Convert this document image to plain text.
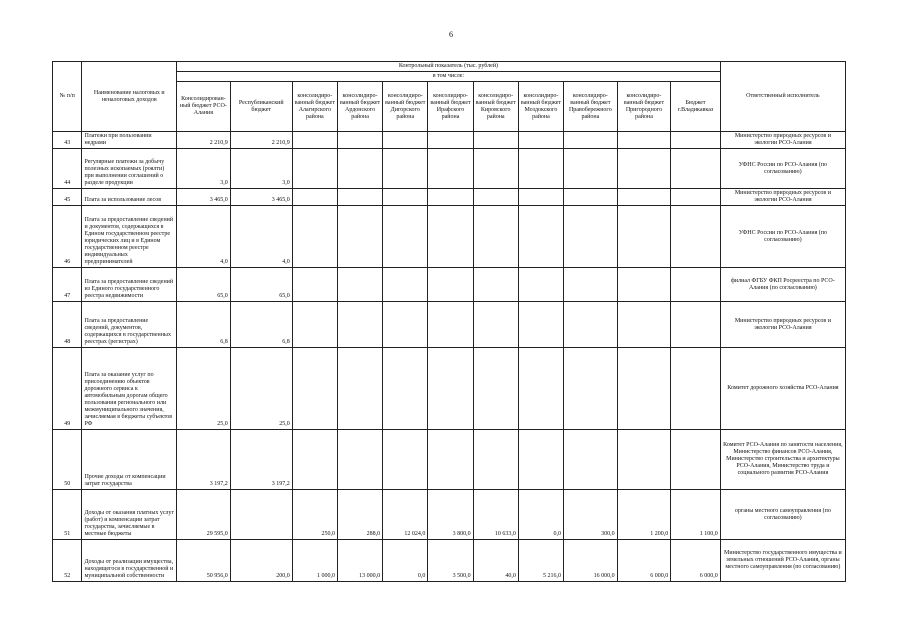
6
№ п/п	Наименование налоговых и неналоговых доходов	Контрольный показатель (тыс. рублей)											Ответственный исполнитель
		в том числе:											
		Консолидирован-ный бюджет РСО-Алания	Республиканский бюджет	консолидиро-ванный бюджет Алагирского района	консолидиро-ванный бюджет Ардонского района	консолидиро-ванный бюджет Дигорского района	консолидиро-ванный бюджет Ирафского района	консолидиро-ванный бюджет Кировского района	консолидиро-ванный бюджет Моздокского района	консолидиро-ванный бюджет Правобережного района	консолидиро-ванный бюджет Пригородного района	Бюджет г.Владикавказ	
43	Платежи при пользовании недрами	2 210,9	2 210,9										Министерство природных ресурсов и экологии РСО-Алания
44	Регулярные платежи за добычу полезных ископаемых (роялти) при выполнении соглашений о разделе продукции	3,0	3,0										УФНС России по РСО-Алания (по согласованию)
45	Плата за использование лесов	3 465,0	3 465,0										Министерство природных ресурсов и экологии РСО-Алания
46	Плата за предоставление сведений и документов, содержащихся в Едином государственном реестре юридических лиц и в Едином государственном реестре индивидуальных предпринимателей	4,0	4,0										УФНС России по РСО-Алания (по согласованию)
47	Плата за предоставление сведений из Единого государственного реестра недвижимости	65,0	65,0										филиал ФГБУ ФКП Росреестра по РСО-Алания (по согласованию)
48	Плата за предоставление сведений, документов, содержащихся в государственных реестрах (регистрах)	6,8	6,8										Министерство природных ресурсов и экологии РСО-Алания
49	Плата за оказание услуг по присоединению объектов дорожного сервиса к автомобильным дорогам общего пользования регионального или межмуниципального значения, зачисляемая в бюджеты субъектов РФ	25,0	25,0										Комитет дорожного хозяйства РСО-Алания
50	Прочие доходы от компенсации затрат государства	3 197,2	3 197,2										Комитет РСО-Алания по занятости населения, Министерство финансов РСО-Алания, Министерство строительства и архитектуры РСО-Алания, Министерство труда и социального развития РСО-Алания
51	Доходы от оказания платных услуг (работ) и компенсации затрат государства, зачисляемые в местные бюджеты	29 595,0		250,0	288,0	12 024,0	3 800,0	10 633,0	0,0	300,0	1 200,0	1 100,0	органы местного самоуправления (по согласованию)
52	Доходы от реализации имущества, находящегося в государственной и муниципальной собственности	50 956,0	200,0	1 000,0	13 000,0	0,0	3 500,0	40,0	5 216,0	16 000,0	6 000,0	6 000,0	Министерство государственного имущества и земельных отношений РСО-Алания, органы местного самоуправления (по согласованию)
